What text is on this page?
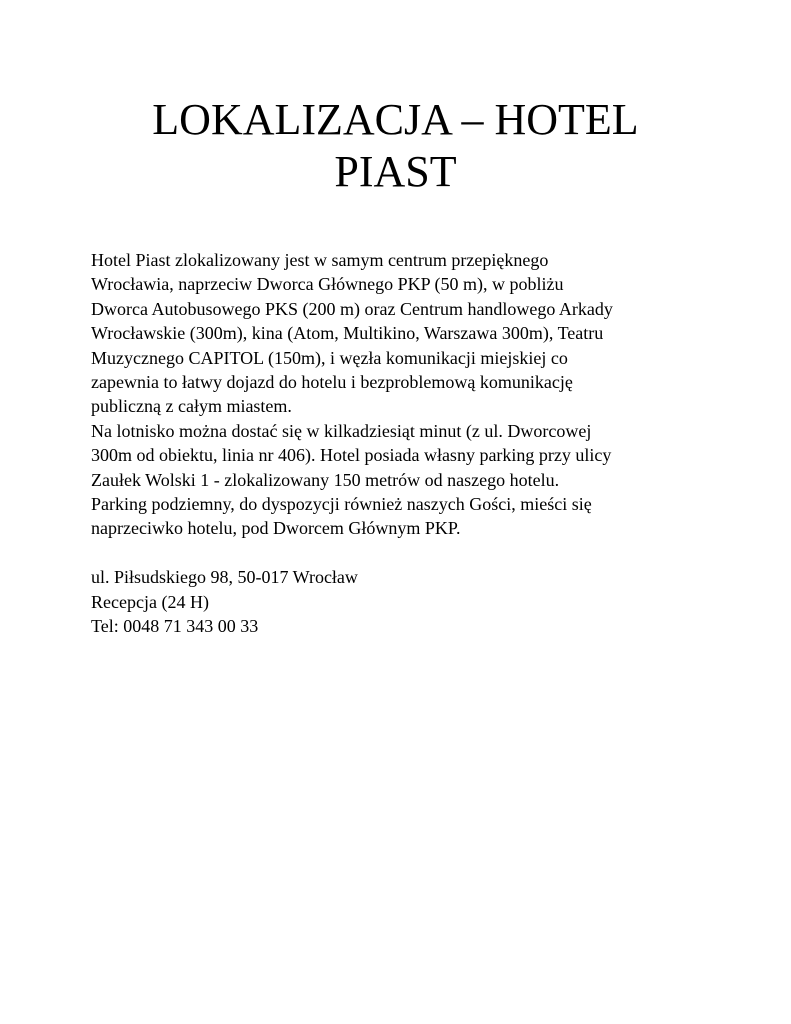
LOKALIZACJA – HOTEL
PIAST
Hotel Piast zlokalizowany jest w samym centrum przepięknego
Wrocławia, naprzeciw Dworca Głównego PKP (50 m), w pobliżu
Dworca Autobusowego PKS (200 m) oraz Centrum handlowego Arkady
Wrocławskie (300m), kina (Atom, Multikino, Warszawa 300m), Teatru
Muzycznego CAPITOL (150m), i węzła komunikacji miejskiej co
zapewnia to łatwy dojazd do hotelu i bezproblemową komunikację
publiczną z całym miastem.
Na lotnisko można dostać się w kilkadziesiąt minut (z ul. Dworcowej
300m od obiektu, linia nr 406). Hotel posiada własny parking przy ulicy
Zaułek Wolski 1 - zlokalizowany 150 metrów od naszego hotelu.
Parking podziemny, do dyspozycji również naszych Gości, mieści się
naprzeciwko hotelu, pod Dworcem Głównym PKP.
ul. Piłsudskiego 98, 50-017 Wrocław
Recepcja (24 H)
Tel: 0048 71 343 00 33
